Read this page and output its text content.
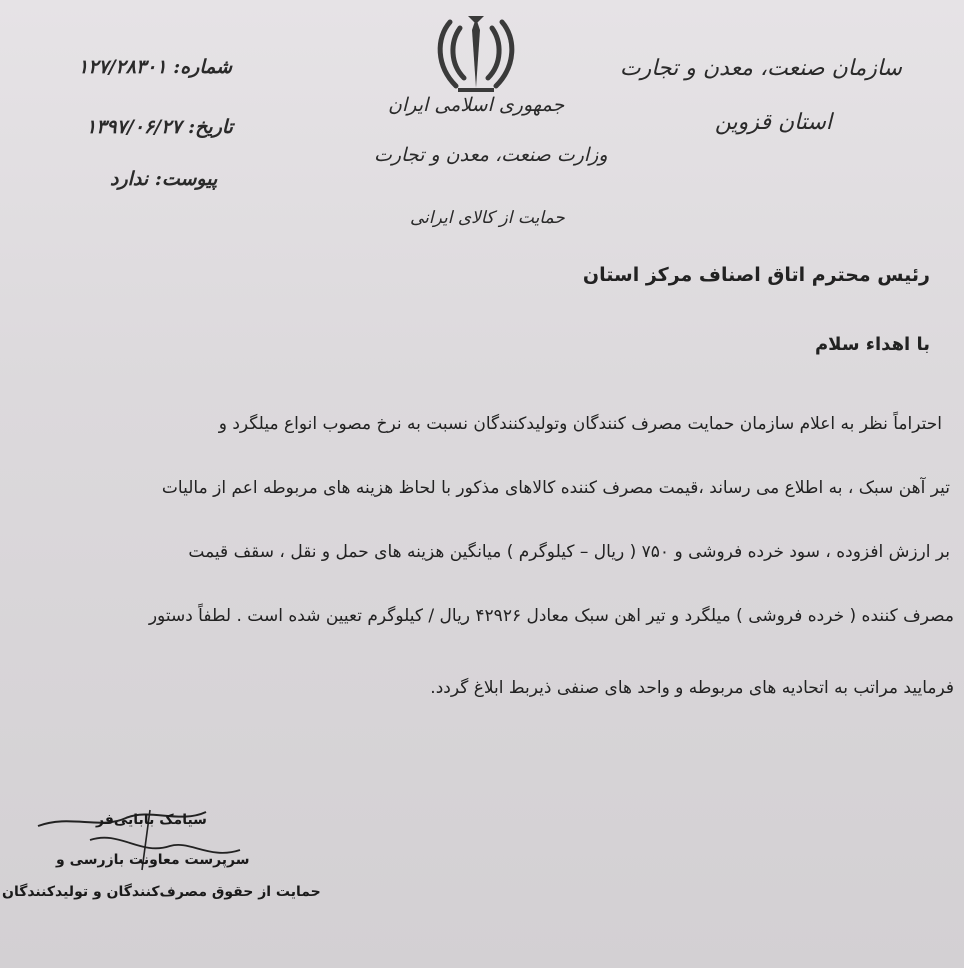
سازمان صنعت، معدن و تجارت
استان قزوین
جمهوری اسلامی ایران
وزارت صنعت، معدن و تجارت
حمایت از کالای ایرانی
شماره: ۱۲۷/۲۸۳۰۱
تاریخ: ۱۳۹۷/۰۶/۲۷
پیوست: ندارد
رئیس محترم اتاق اصناف مرکز استان
با اهداء سلام
احتراماً نظر به اعلام سازمان حمایت مصرف کنندگان وتولیدکنندگان نسبت به نرخ مصوب انواع میلگرد و
تیر آهن سبک ، به اطلاع می رساند ،قیمت مصرف کننده کالاهای مذکور با لحاظ هزینه های مربوطه اعم از مالیات
بر ارزش افزوده ، سود خرده فروشی و ۷۵۰ ( ریال – کیلوگرم ) میانگین هزینه های حمل و نقل ، سقف قیمت
مصرف کننده ( خرده فروشی ) میلگرد و تیر اهن سبک معادل ۴۲۹۲۶ ریال / کیلوگرم تعیین شده است . لطفاً دستور
فرمایید مراتب به اتحادیه های مربوطه و واحد های صنفی ذیربط ابلاغ گردد.
سیامک بابایی‌فر
سرپرست معاونت بازرسی و
حمایت از حقوق مصرف‌کنندگان و تولیدکنندگان
